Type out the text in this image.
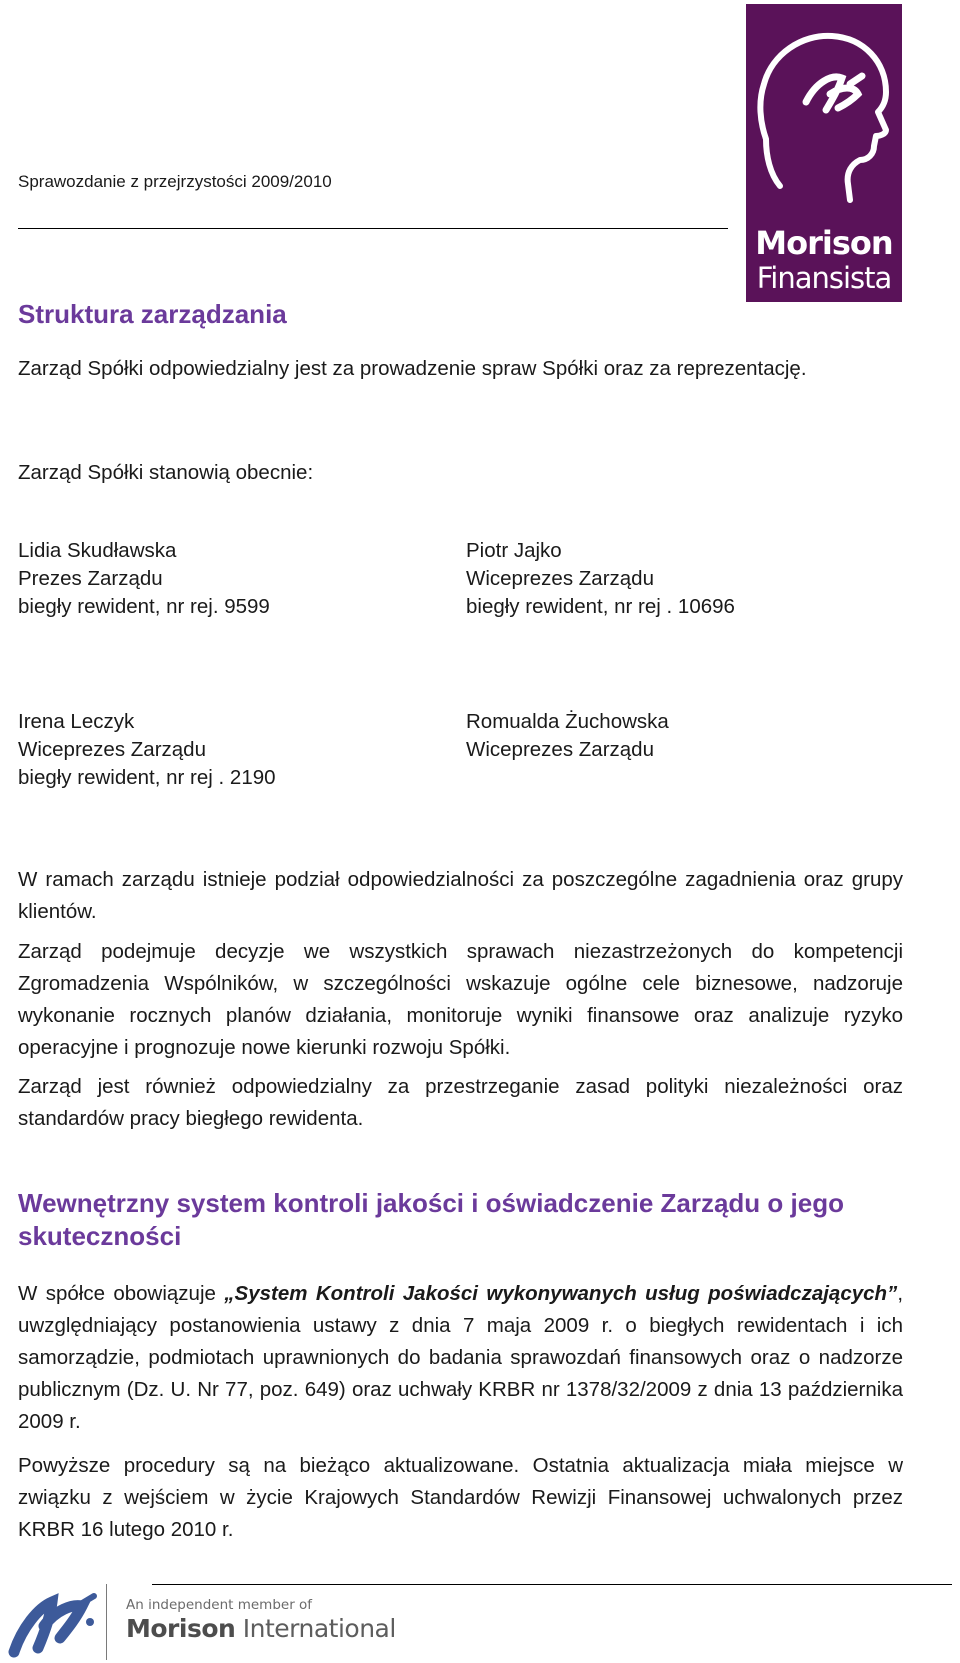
Sprawozdanie z przejrzystości 2009/2010
Morison
Finansista
Struktura zarządzania

Zarząd Spółki odpowiedzialny jest za prowadzenie spraw Spółki oraz za reprezentację.

Zarząd Spółki stanowią obecnie:
Lidia Skudławska
Prezes Zarządu
biegły rewident, nr rej. 9599
Piotr Jajko
Wiceprezes Zarządu
biegły rewident, nr rej . 10696
Irena Leczyk
Wiceprezes Zarządu
biegły rewident, nr rej . 2190
Romualda Żuchowska
Wiceprezes Zarządu

W ramach zarządu istnieje podział odpowiedzialności za poszczególne zagadnienia oraz grupy klientów.

Zarząd podejmuje decyzje we wszystkich sprawach niezastrzeżonych do kompetencji Zgromadzenia Wspólników, w szczególności wskazuje ogólne cele biznesowe, nadzoruje wykonanie rocznych planów działania, monitoruje wyniki finansowe oraz analizuje ryzyko operacyjne i prognozuje nowe kierunki rozwoju Spółki.

Zarząd jest również odpowiedzialny za przestrzeganie zasad polityki niezależności oraz standardów pracy biegłego rewidenta.

Wewnętrzny system kontroli jakości i oświadczenie Zarządu o jego skuteczności

W spółce obowiązuje „System Kontroli Jakości wykonywanych usług poświadczających”, uwzględniający postanowienia ustawy z dnia 7 maja 2009 r. o biegłych rewidentach i ich samorządzie, podmiotach uprawnionych do badania sprawozdań finansowych oraz o nadzorze publicznym (Dz. U. Nr 77, poz. 649) oraz uchwały KRBR nr 1378/32/2009 z dnia 13 października 2009 r.

Powyższe procedury są na bieżąco aktualizowane. Ostatnia aktualizacja miała miejsce w związku z wejściem w życie Krajowych Standardów Rewizji Finansowej uchwalonych przez KRBR 16 lutego 2010 r.

An independent member of
Morison International
